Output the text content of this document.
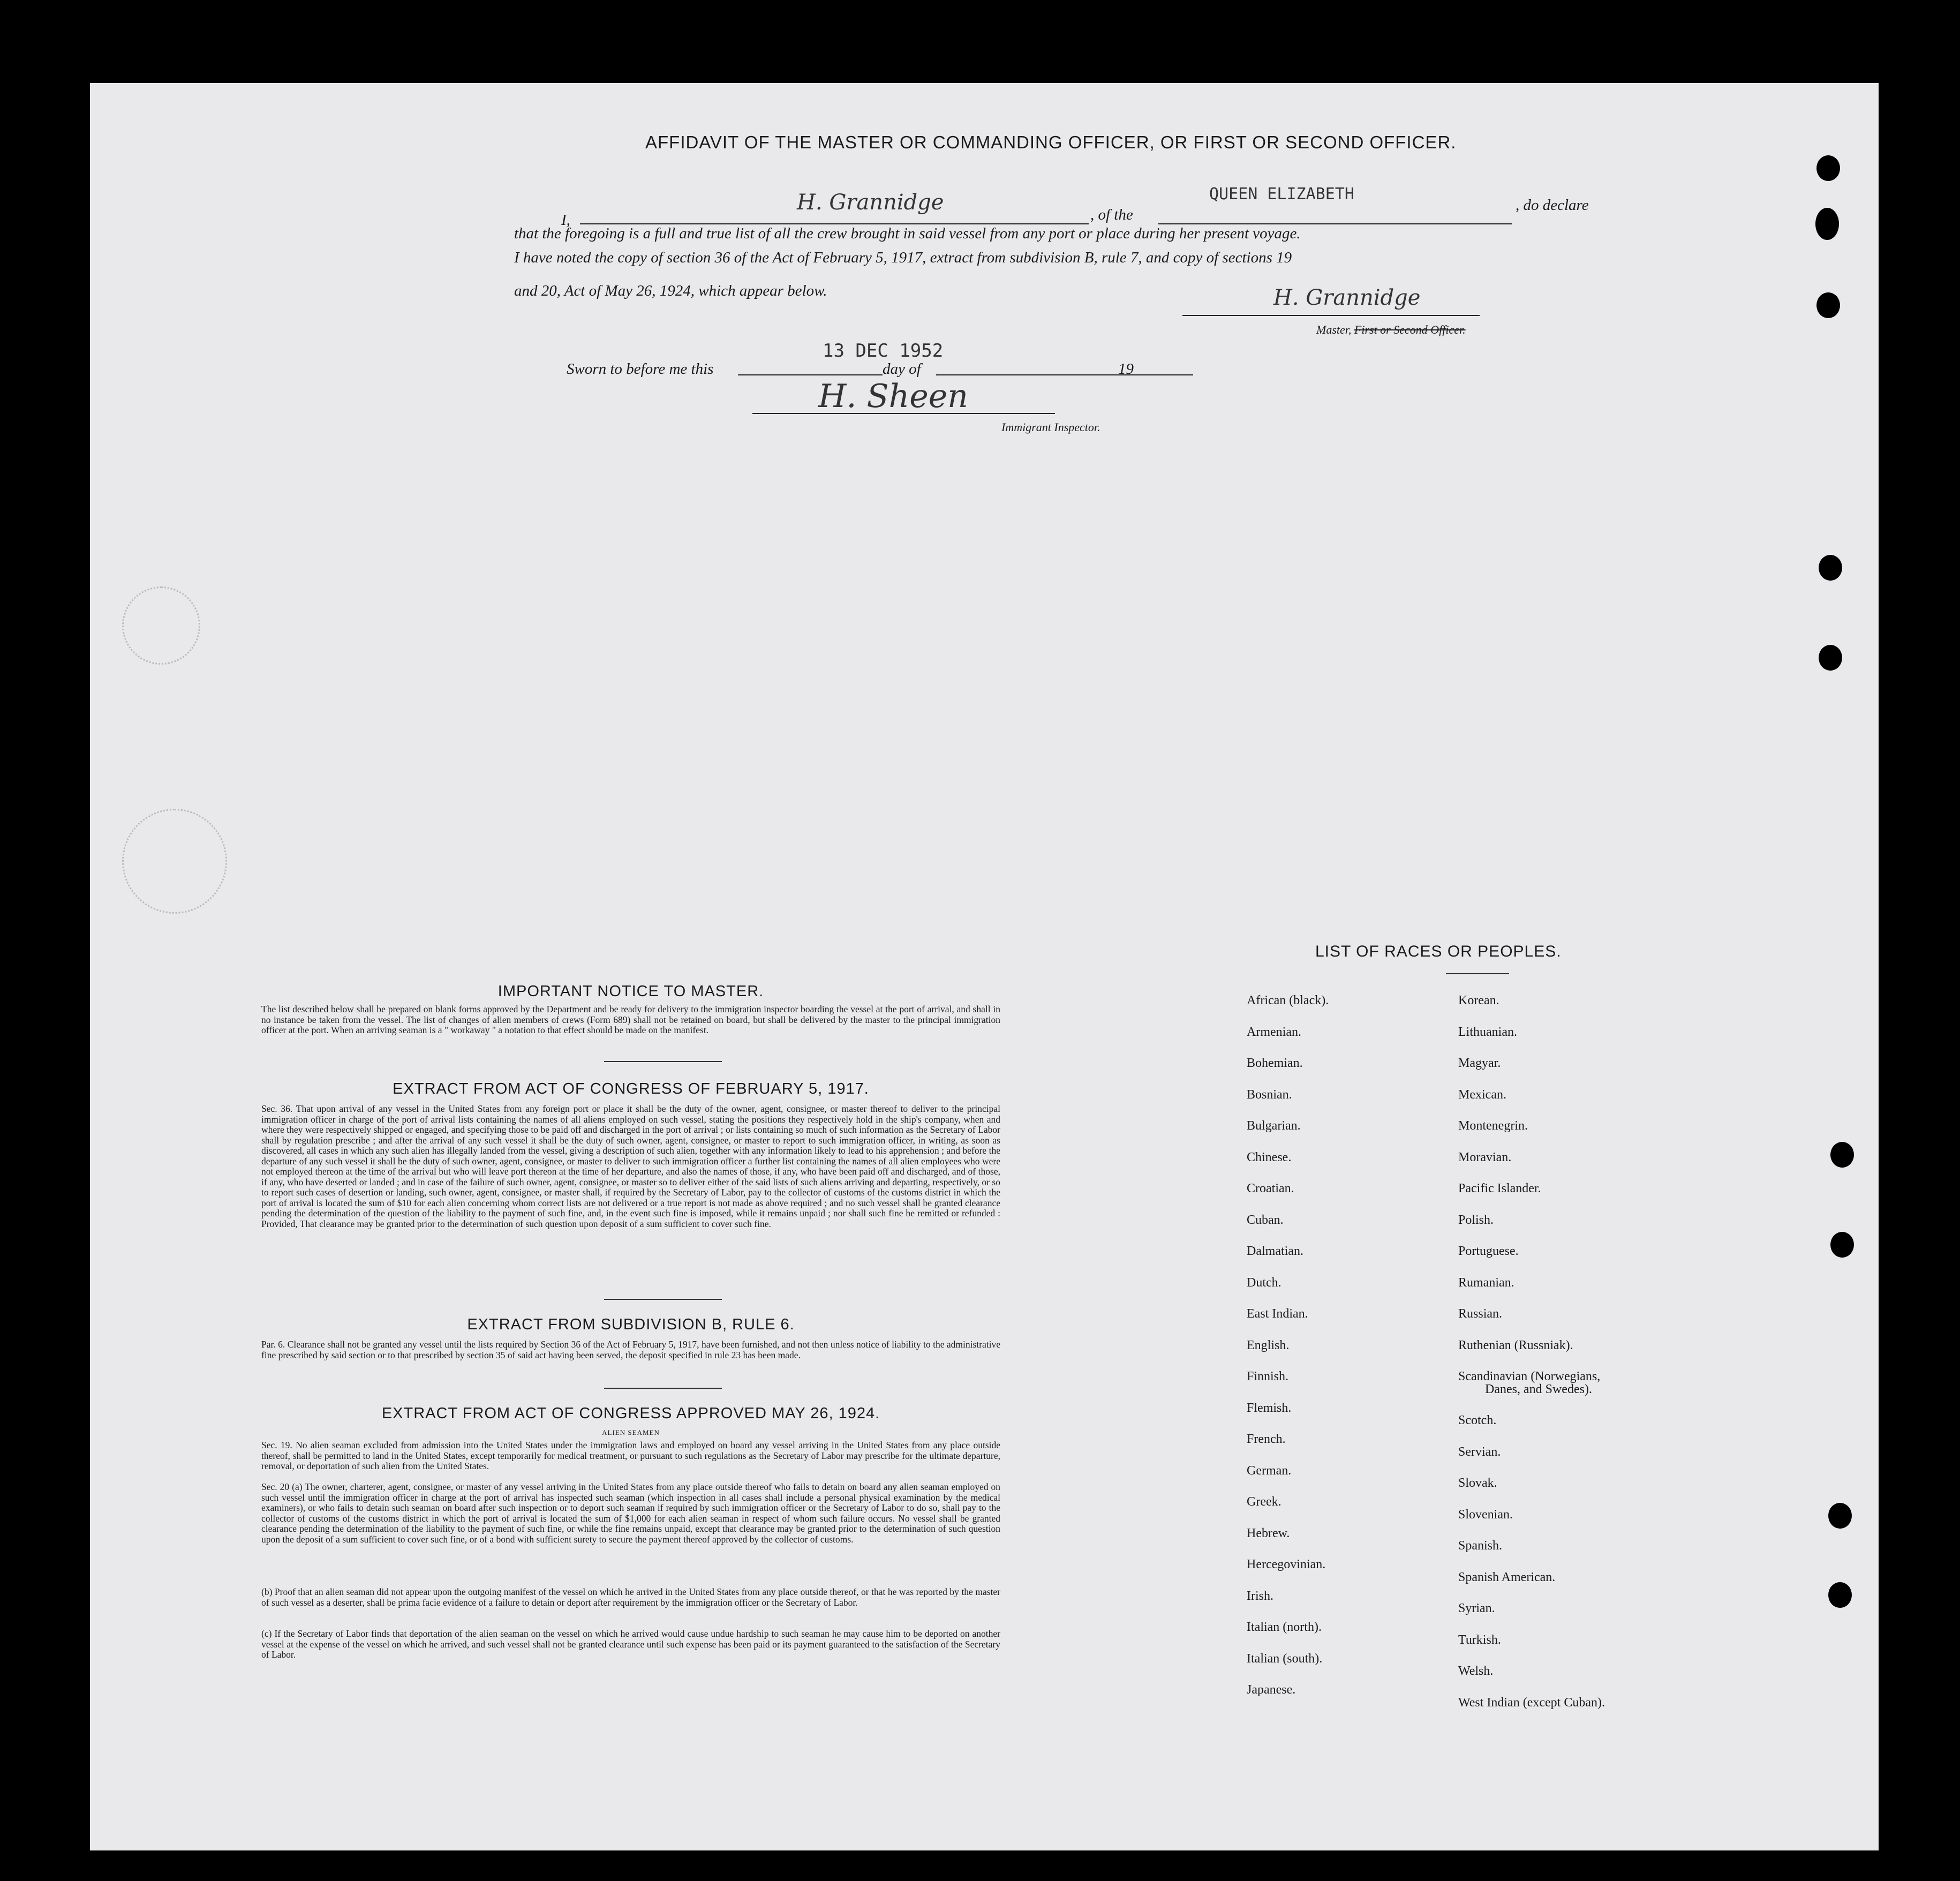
AFFIDAVIT OF THE MASTER OR COMMANDING OFFICER, OR FIRST OR SECOND OFFICER.
I,
H. Grannidge	, of the
QUEEN ELIZABETH
, do declare
that the foregoing is a full and true list of all the crew brought in said vessel from any port or place during her present voyage.
I have noted the copy of section 36 of the Act of February 5, 1917, extract from subdivision B, rule 7, and copy of sections 19
and 20, Act of May 26, 1924, which appear below.	H. Grannidge
Master, First or Second Officer.
13 DEC 1952
Sworn to before me this	day of	19
H. Sheen
Immigrant Inspector.
IMPORTANT NOTICE TO MASTER.
The list described below shall be prepared on blank forms approved by the Department and be ready for delivery to the immigration inspector boarding the vessel at the port of arrival, and shall in no instance be taken from the vessel. The list of changes of alien members of crews (Form 689) shall not be retained on board, but shall be delivered by the master to the principal immigration officer at the port. When an arriving seaman is a " workaway " a notation to that effect should be made on the manifest.
EXTRACT FROM ACT OF CONGRESS OF FEBRUARY 5, 1917.
Sec. 36. That upon arrival of any vessel in the United States from any foreign port or place it shall be the duty of the owner, agent, consignee, or master thereof to deliver to the principal immigration officer in charge of the port of arrival lists containing the names of all aliens employed on such vessel, stating the positions they respectively hold in the ship's company, when and where they were respectively shipped or engaged, and specifying those to be paid off and discharged in the port of arrival ; or lists containing so much of such information as the Secretary of Labor shall by regulation prescribe ; and after the arrival of any such vessel it shall be the duty of such owner, agent, consignee, or master to report to such immigration officer, in writing, as soon as discovered, all cases in which any such alien has illegally landed from the vessel, giving a description of such alien, together with any information likely to lead to his apprehension ; and before the departure of any such vessel it shall be the duty of such owner, agent, consignee, or master to deliver to such immigration officer a further list containing the names of all alien employees who were not employed thereon at the time of the arrival but who will leave port thereon at the time of her departure, and also the names of those, if any, who have been paid off and discharged, and of those, if any, who have deserted or landed ; and in case of the failure of such owner, agent, consignee, or master so to deliver either of the said lists of such aliens arriving and departing, respectively, or so to report such cases of desertion or landing, such owner, agent, consignee, or master shall, if required by the Secretary of Labor, pay to the collector of customs of the customs district in which the port of arrival is located the sum of $10 for each alien concerning whom correct lists are not delivered or a true report is not made as above required ; and no such vessel shall be granted clearance pending the determination of the question of the liability to the payment of such fine, and, in the event such fine is imposed, while it remains unpaid ; nor shall such fine be remitted or refunded : Provided, That clearance may be granted prior to the determination of such question upon deposit of a sum sufficient to cover such fine.
EXTRACT FROM SUBDIVISION B, RULE 6.
Par. 6. Clearance shall not be granted any vessel until the lists required by Section 36 of the Act of February 5, 1917, have been furnished, and not then unless notice of liability to the administrative fine prescribed by said section or to that prescribed by section 35 of said act having been served, the deposit specified in rule 23 has been made.
EXTRACT FROM ACT OF CONGRESS APPROVED MAY 26, 1924.
ALIEN SEAMEN
Sec. 19. No alien seaman excluded from admission into the United States under the immigration laws and employed on board any vessel arriving in the United States from any place outside thereof, shall be permitted to land in the United States, except temporarily for medical treatment, or pursuant to such regulations as the Secretary of Labor may prescribe for the ultimate departure, removal, or deportation of such alien from the United States.
Sec. 20 (a) The owner, charterer, agent, consignee, or master of any vessel arriving in the United States from any place outside thereof who fails to detain on board any alien seaman employed on such vessel until the immigration officer in charge at the port of arrival has inspected such seaman (which inspection in all cases shall include a personal physical examination by the medical examiners), or who fails to detain such seaman on board after such inspection or to deport such seaman if required by such immigration officer or the Secretary of Labor to do so, shall pay to the collector of customs of the customs district in which the port of arrival is located the sum of $1,000 for each alien seaman in respect of whom such failure occurs. No vessel shall be granted clearance pending the determination of the liability to the payment of such fine, or while the fine remains unpaid, except that clearance may be granted prior to the determination of such question upon the deposit of a sum sufficient to cover such fine, or of a bond with sufficient surety to secure the payment thereof approved by the collector of customs.
(b) Proof that an alien seaman did not appear upon the outgoing manifest of the vessel on which he arrived in the United States from any place outside thereof, or that he was reported by the master of such vessel as a deserter, shall be prima facie evidence of a failure to detain or deport after requirement by the immigration officer or the Secretary of Labor.
(c) If the Secretary of Labor finds that deportation of the alien seaman on the vessel on which he arrived would cause undue hardship to such seaman he may cause him to be deported on another vessel at the expense of the vessel on which he arrived, and such vessel shall not be granted clearance until such expense has been paid or its payment guaranteed to the satisfaction of the Secretary of Labor.
LIST OF RACES OR PEOPLES.
African (black).
Armenian.
Bohemian.
Bosnian.
Bulgarian.
Chinese.
Croatian.
Cuban.
Dalmatian.
Dutch.
East Indian.
English.
Finnish.
Flemish.
French.
German.
Greek.
Hebrew.
Hercegovinian.
Irish.
Italian (north).
Italian (south).
Japanese.
Korean.
Lithuanian.
Magyar.
Mexican.
Montenegrin.
Moravian.
Pacific Islander.
Polish.
Portuguese.
Rumanian.
Russian.
Ruthenian (Russniak).
Scandinavian (Norwegians,
Danes, and Swedes).
Scotch.
Servian.
Slovak.
Slovenian.
Spanish.
Spanish American.
Syrian.
Turkish.
Welsh.
West Indian (except Cuban).
